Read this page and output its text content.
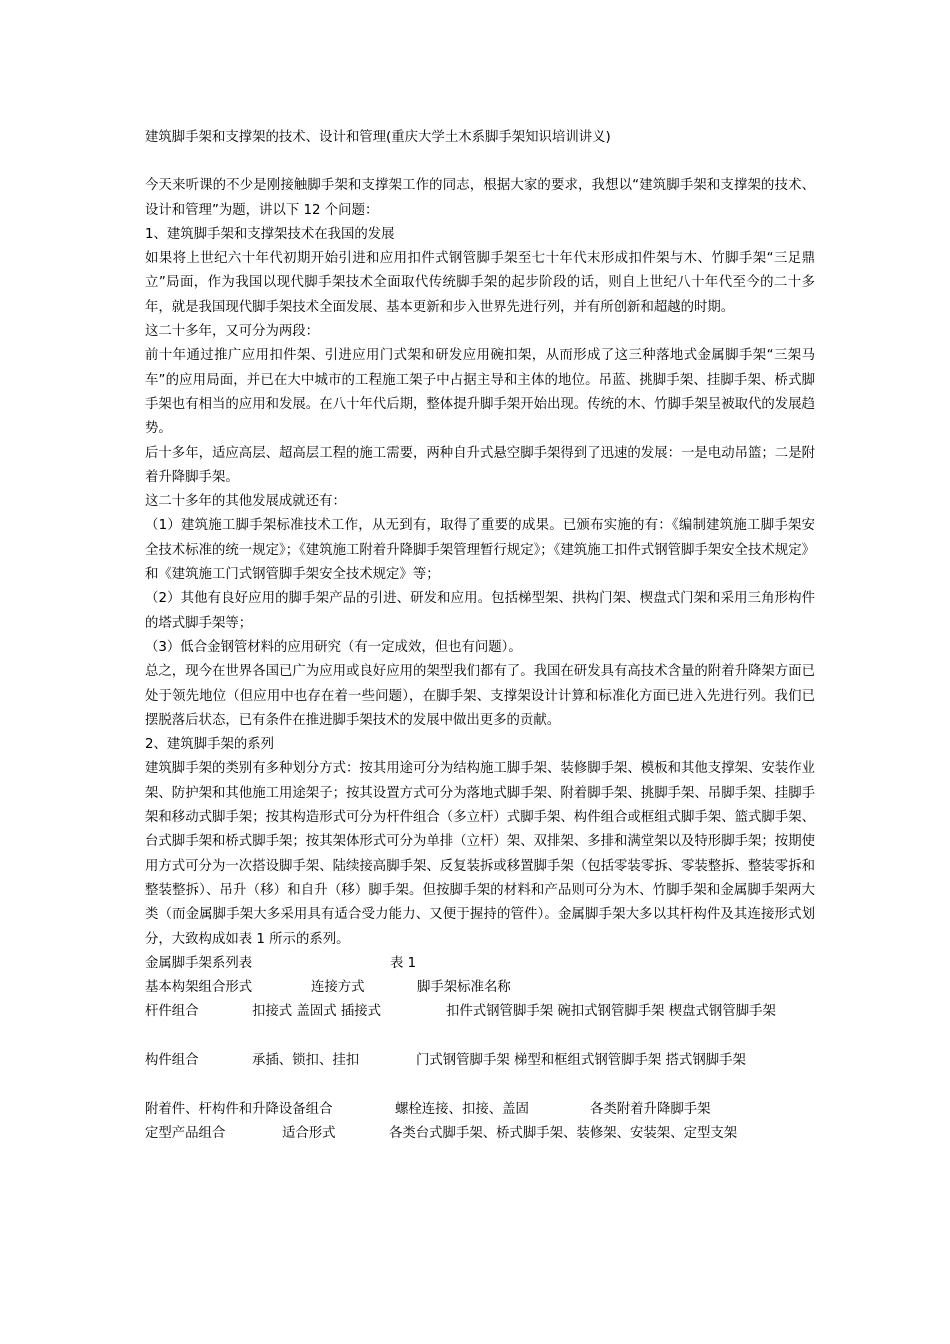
建筑脚手架和支撑架的技术、设计和管理(重庆大学土木系脚手架知识培训讲义)

今天来听课的不少是刚接触脚手架和支撑架工作的同志，根据大家的要求，我想以“建筑脚手架和支撑架的技术、设计和管理”为题，讲以下 12 个问题：

1、建筑脚手架和支撑架技术在我国的发展

如果将上世纪六十年代初期开始引进和应用扣件式钢管脚手架至七十年代末形成扣件架与木、竹脚手架“三足鼎立”局面，作为我国以现代脚手架技术全面取代传统脚手架的起步阶段的话，则自上世纪八十年代至今的二十多年，就是我国现代脚手架技术全面发展、基本更新和步入世界先进行列，并有所创新和超越的时期。

这二十多年，又可分为两段：

前十年通过推广应用扣件架、引进应用门式架和研发应用碗扣架，从而形成了这三种落地式金属脚手架“三架马车”的应用局面，并已在大中城市的工程施工架子中占据主导和主体的地位。吊蓝、挑脚手架、挂脚手架、桥式脚手架也有相当的应用和发展。在八十年代后期，整体提升脚手架开始出现。传统的木、竹脚手架呈被取代的发展趋势。

后十多年，适应高层、超高层工程的施工需要，两种自升式悬空脚手架得到了迅速的发展：一是电动吊篮；二是附着升降脚手架。

这二十多年的其他发展成就还有：

（1）建筑施工脚手架标准技术工作，从无到有，取得了重要的成果。已颁布实施的有：《编制建筑施工脚手架安全技术标准的统一规定》；《建筑施工附着升降脚手架管理暂行规定》；《建筑施工扣件式钢管脚手架安全技术规定》和《建筑施工门式钢管脚手架安全技术规定》等；

（2）其他有良好应用的脚手架产品的引进、研发和应用。包括梯型架、拱构门架、楔盘式门架和采用三角形构件的塔式脚手架等；

（3）低合金钢管材料的应用研究（有一定成效，但也有问题）。

总之，现今在世界各国已广为应用或良好应用的架型我们都有了。我国在研发具有高技术含量的附着升降架方面已处于领先地位（但应用中也存在着一些问题），在脚手架、支撑架设计计算和标准化方面已进入先进行列。我们已摆脱落后状态，已有条件在推进脚手架技术的发展中做出更多的贡献。

2、建筑脚手架的系列

建筑脚手架的类别有多种划分方式：按其用途可分为结构施工脚手架、装修脚手架、模板和其他支撑架、安装作业架、防护架和其他施工用途架子；按其设置方式可分为落地式脚手架、附着脚手架、挑脚手架、吊脚手架、挂脚手架和移动式脚手架；按其构造形式可分为杆件组合（多立杆）式脚手架、构件组合或框组式脚手架、篮式脚手架、台式脚手架和桥式脚手架；按其架体形式可分为单排（立杆）架、双排架、多排和满堂架以及特形脚手架；按期使用方式可分为一次搭设脚手架、陆续接高脚手架、反复装拆或移置脚手架（包括零装零拆、零装整拆、整装零拆和整装整拆）、吊升（移）和自升（移）脚手架。但按脚手架的材料和产品则可分为木、竹脚手架和金属脚手架两大类（而金属脚手架大多采用具有适合受力能力、又便于握持的管件）。金属脚手架大多以其杆构件及其连接形式划分，大致构成如表 1 所示的系列。

金属脚手架系列表	表 1
基本构架组合形式	连接方式	脚手架标准名称
杆件组合	扣接式 盖固式 插接式	扣件式钢管脚手架 碗扣式钢管脚手架 楔盘式钢管脚手架
构件组合	承插、锁扣、挂扣	门式钢管脚手架 梯型和框组式钢管脚手架 搭式钢脚手架
附着件、杆构件和升降设备组合	螺栓连接、扣接、盖固	各类附着升降脚手架
定型产品组合	适合形式	各类台式脚手架、桥式脚手架、装修架、安装架、定型支架
